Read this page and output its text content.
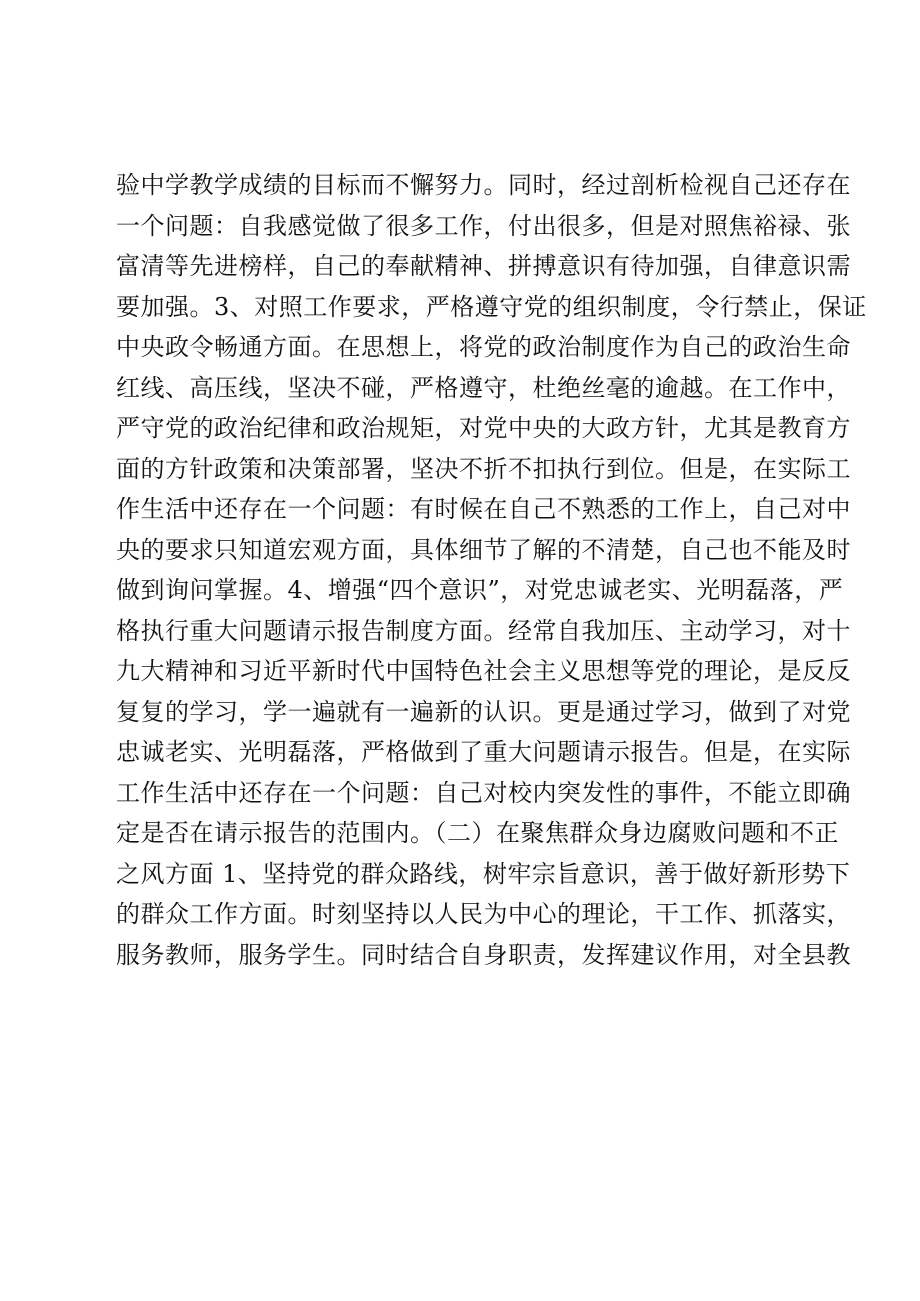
验中学教学成绩的目标而不懈努力。同时，经过剖析检视自己还存在
一个问题：自我感觉做了很多工作，付出很多，但是对照焦裕禄、张
富清等先进榜样，自己的奉献精神、拼搏意识有待加强，自律意识需
要加强。3、对照工作要求，严格遵守党的组织制度，令行禁止，保证
中央政令畅通方面。在思想上，将党的政治制度作为自己的政治生命
红线、高压线，坚决不碰，严格遵守，杜绝丝毫的逾越。在工作中，
严守党的政治纪律和政治规矩，对党中央的大政方针，尤其是教育方
面的方针政策和决策部署，坚决不折不扣执行到位。但是，在实际工
作生活中还存在一个问题：有时候在自己不熟悉的工作上，自己对中
央的要求只知道宏观方面，具体细节了解的不清楚，自己也不能及时
做到询问掌握。4、增强“四个意识”，对党忠诚老实、光明磊落，严
格执行重大问题请示报告制度方面。经常自我加压、主动学习，对十
九大精神和习近平新时代中国特色社会主义思想等党的理论，是反反
复复的学习，学一遍就有一遍新的认识。更是通过学习，做到了对党
忠诚老实、光明磊落，严格做到了重大问题请示报告。但是，在实际
工作生活中还存在一个问题：自己对校内突发性的事件，不能立即确
定是否在请示报告的范围内。（二）在聚焦群众身边腐败问题和不正
之风方面 1、坚持党的群众路线，树牢宗旨意识，善于做好新形势下
的群众工作方面。时刻坚持以人民为中心的理论，干工作、抓落实，
服务教师，服务学生。同时结合自身职责，发挥建议作用，对全县教
